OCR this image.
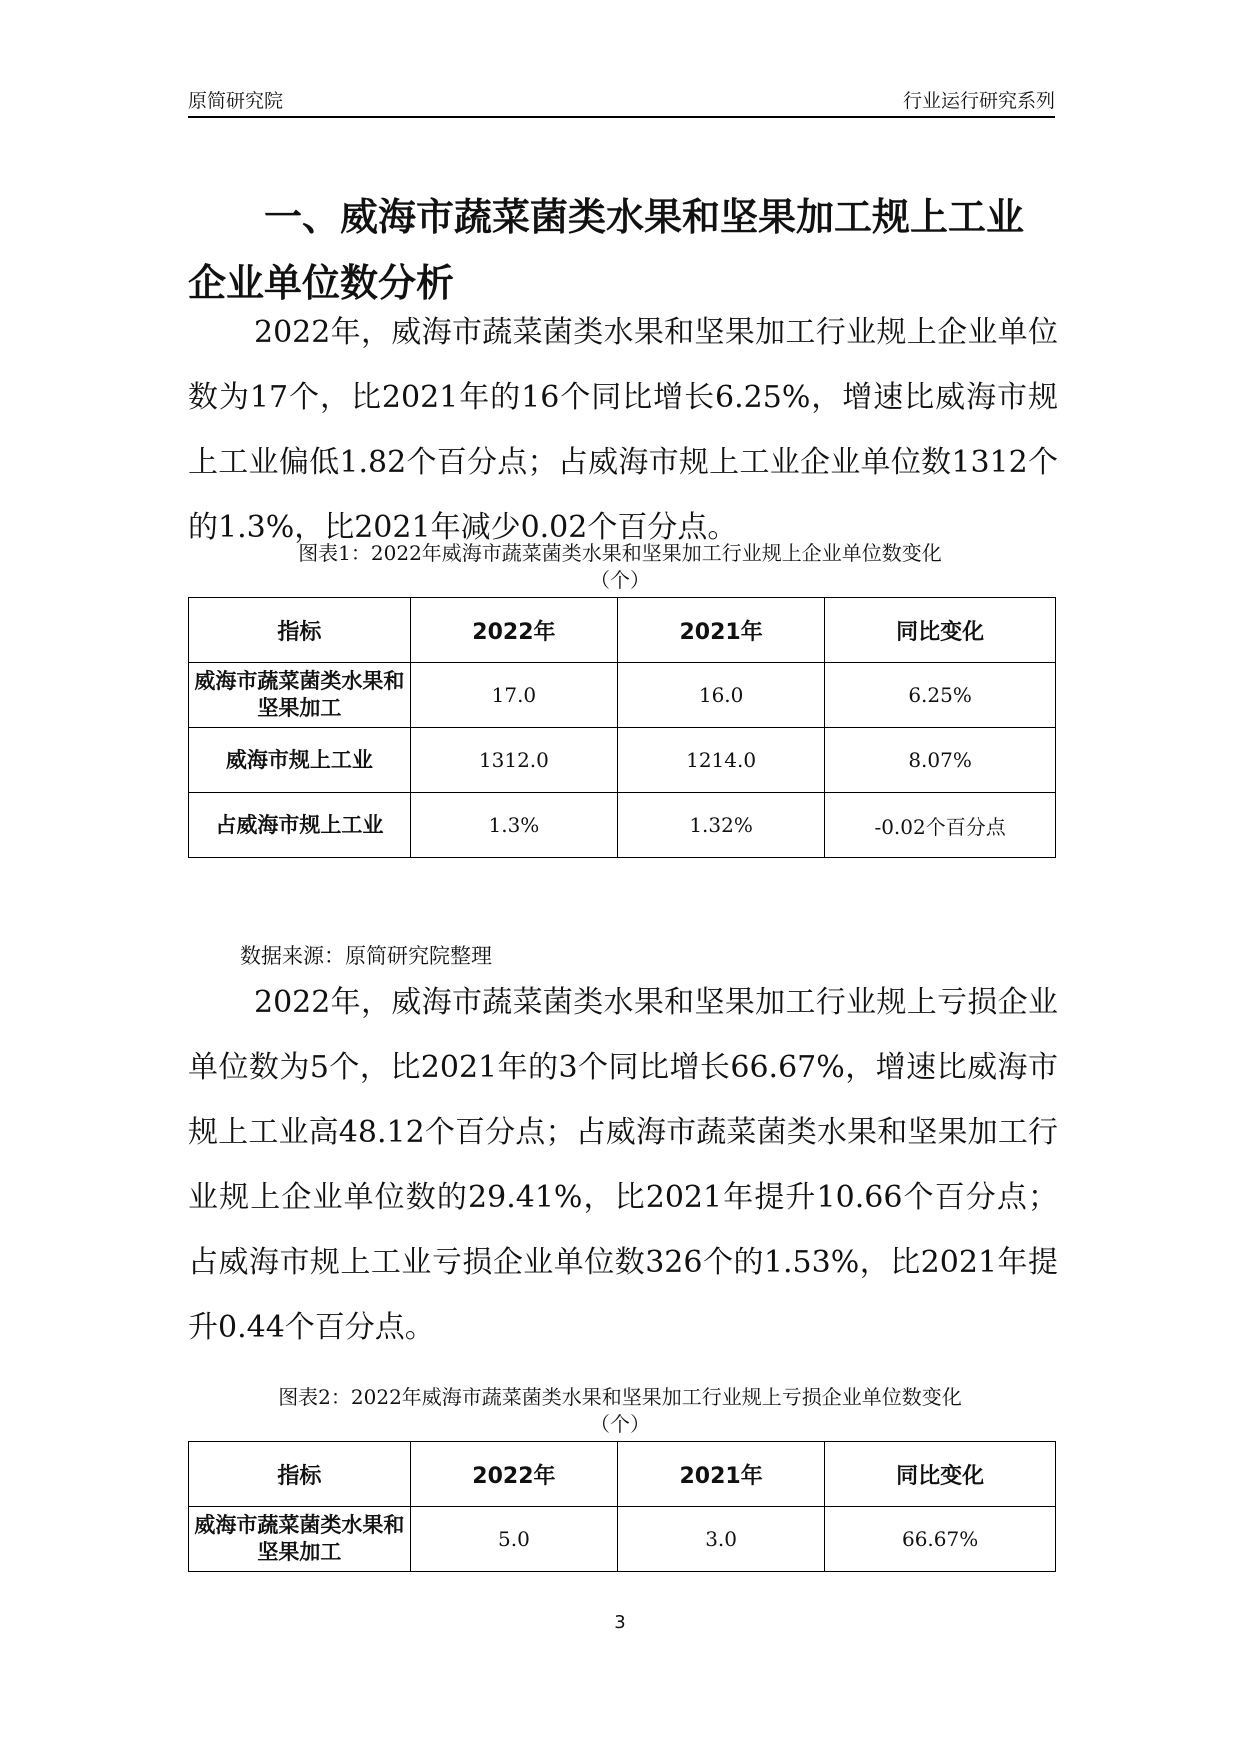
原简研究院	行业运行研究系列
一、威海市蔬菜菌类水果和坚果加工规上工业企业单位数分析
2022年，威海市蔬菜菌类水果和坚果加工行业规上企业单位数为17个，比2021年的16个同比增长6.25%，增速比威海市规上工业偏低1.82个百分点；占威海市规上工业企业单位数1312个的1.3%，比2021年减少0.02个百分点。
图表1：2022年威海市蔬菜菌类水果和坚果加工行业规上企业单位数变化
（个）
指标	2022年	2021年	同比变化
威海市蔬菜菌类水果和坚果加工	17.0	16.0	6.25%
威海市规上工业	1312.0	1214.0	8.07%
占威海市规上工业	1.3%	1.32%	-0.02个百分点
数据来源：原简研究院整理
2022年，威海市蔬菜菌类水果和坚果加工行业规上亏损企业单位数为5个，比2021年的3个同比增长66.67%，增速比威海市规上工业高48.12个百分点；占威海市蔬菜菌类水果和坚果加工行业规上企业单位数的29.41%，比2021年提升10.66个百分点；占威海市规上工业亏损企业单位数326个的1.53%，比2021年提升0.44个百分点。
图表2：2022年威海市蔬菜菌类水果和坚果加工行业规上亏损企业单位数变化
（个）
指标	2022年	2021年	同比变化
威海市蔬菜菌类水果和坚果加工	5.0	3.0	66.67%
3
